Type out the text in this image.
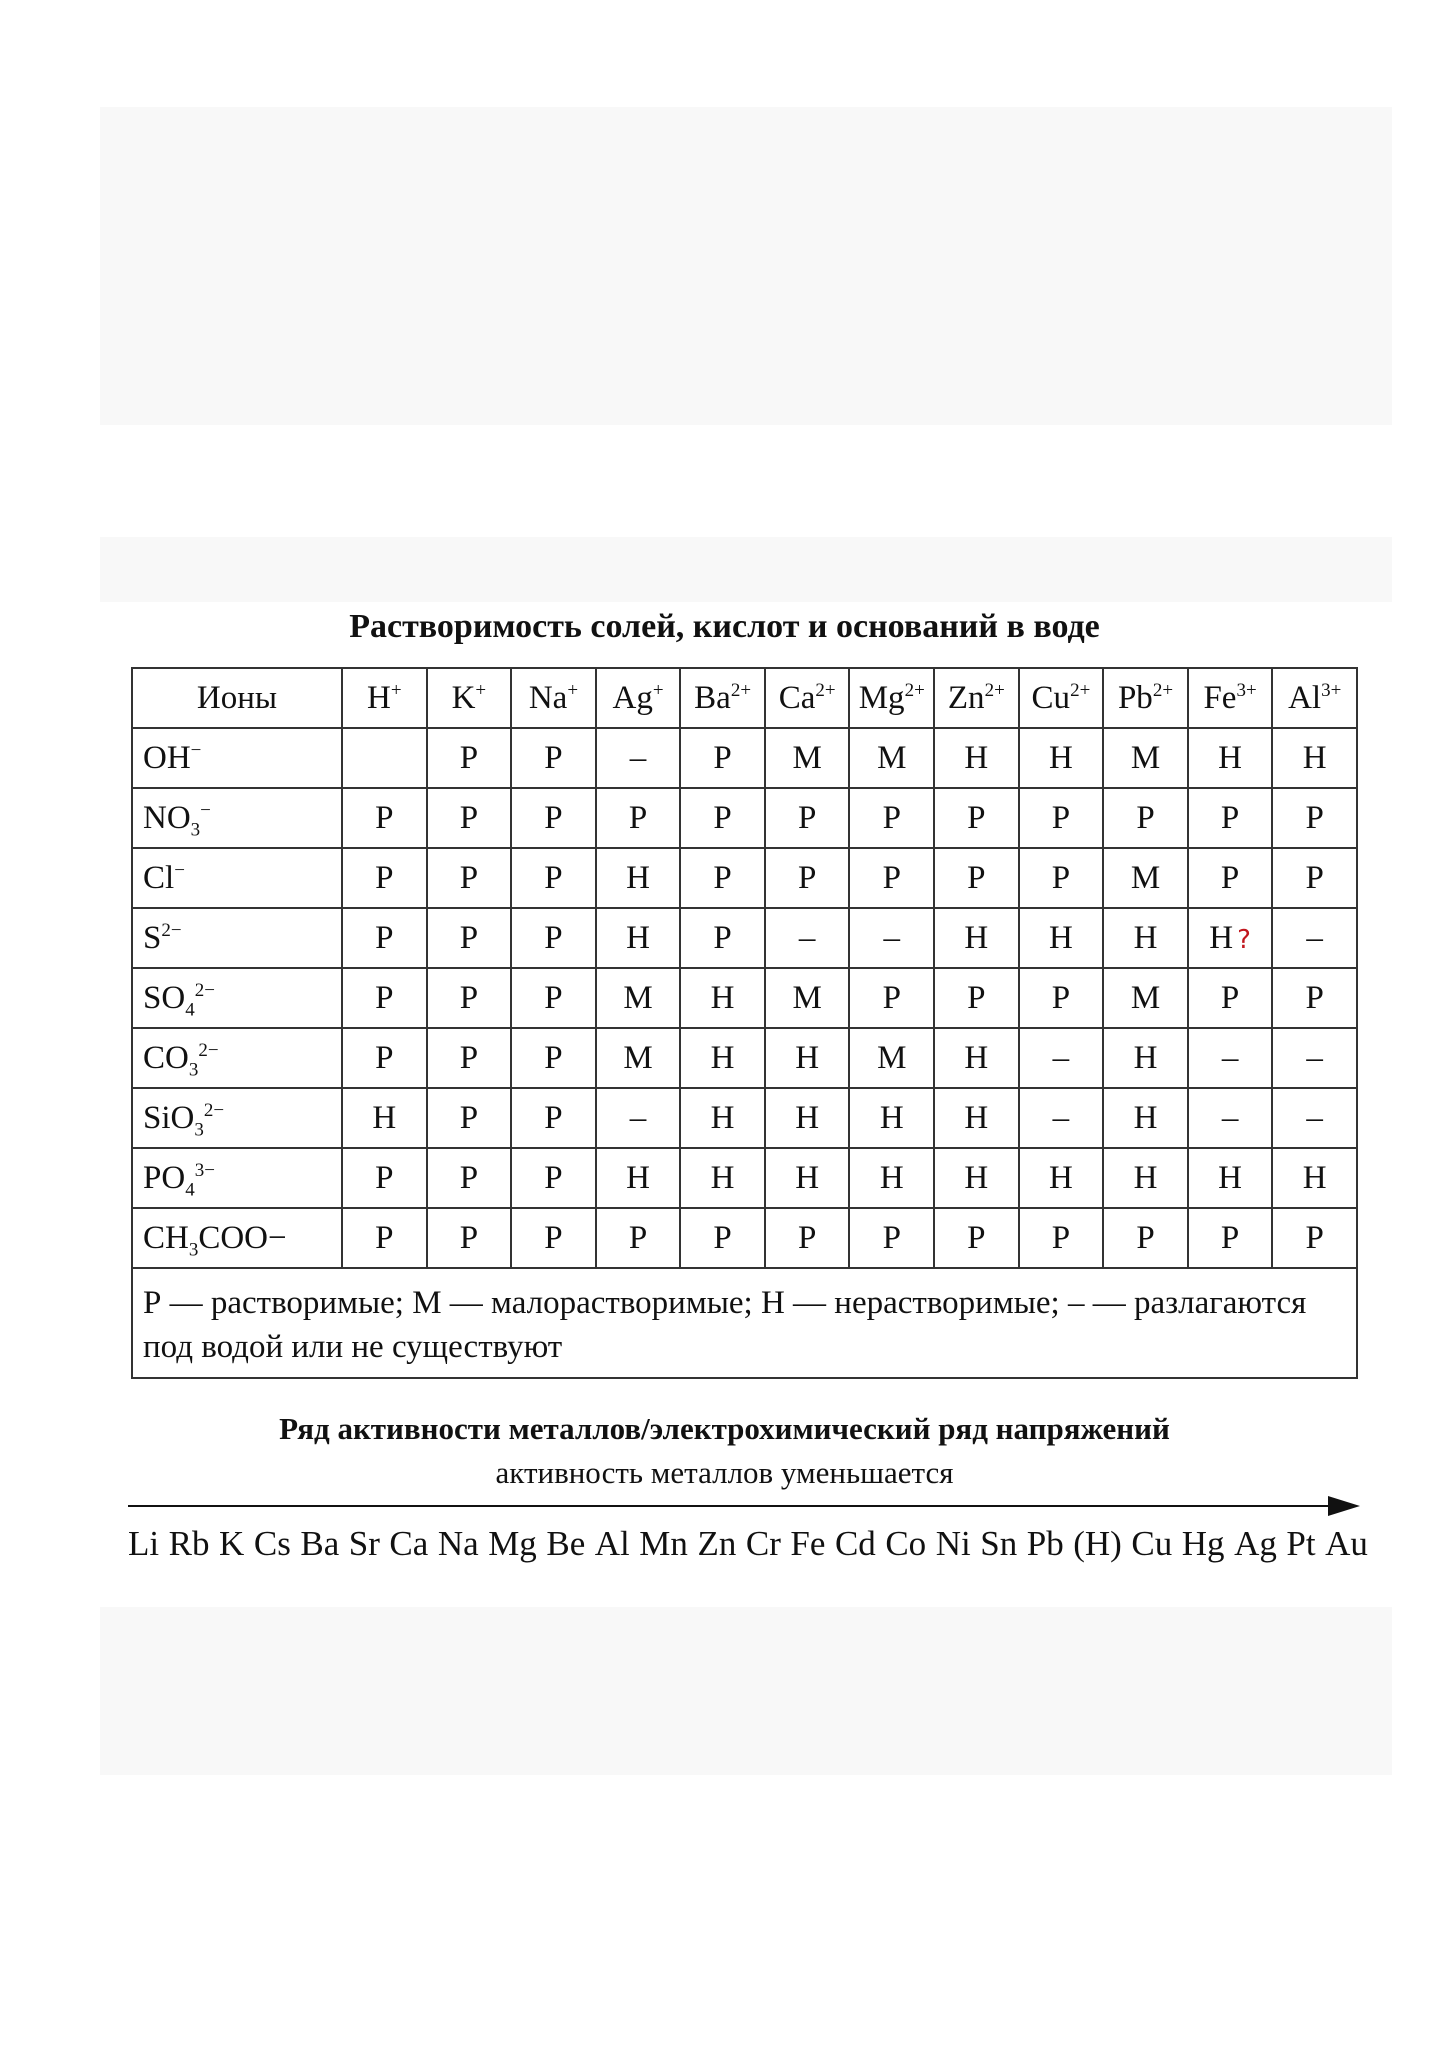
Растворимость солей, кислот и оснований в воде
Ионы	H+	K+	Na+	Ag+	$Ba^{2+}$	$Ca^{2+}$	$Mg^{2+}$	$Zn^{2+}$	$Cu^{2+}$	$Pb^{2+}$	$Fe^{3+}$	$Al^{3+}$
OH−		Р	Р	–	Р	М	М	Н	Н	М	Н	Н
$NO_3^-$	Р	Р	Р	Р	Р	Р	Р	Р	Р	Р	Р	Р
Cl−	Р	Р	Р	Н	Р	Р	Р	Р	Р	М	Р	Р
$S^{2-}$	Р	Р	Р	Н	Р	–	–	Н	Н	Н	Н ?	–
$SO_4^{2-}$	Р	Р	Р	М	Н	М	Р	Р	Р	М	Р	Р
$CO_3^{2-}$	Р	Р	Р	М	Н	Н	М	Н	–	Н	–	–
SiO$_3^{2-}$	Н	Р	Р	–	Н	Н	Н	Н	–	Н	–	–
$PO_4^{3-}$	Р	Р	Р	Н	Н	Н	Н	Н	Н	Н	Н	Н
$CH_3COO-$	Р	Р	Р	Р	Р	Р	Р	Р	Р	Р	Р	Р
Р — растворимые; М — малорастворимые; Н — нерастворимые; – — разлагаются под водой или не существуют												
Ряд активности металлов/электрохимический ряд напряжений
активность металлов уменьшается
Li Rb K Cs Ba Sr Ca Na Mg Be Al Mn Zn Cr Fe Cd Co Ni Sn Pb (H) Cu Hg Ag Pt Au
